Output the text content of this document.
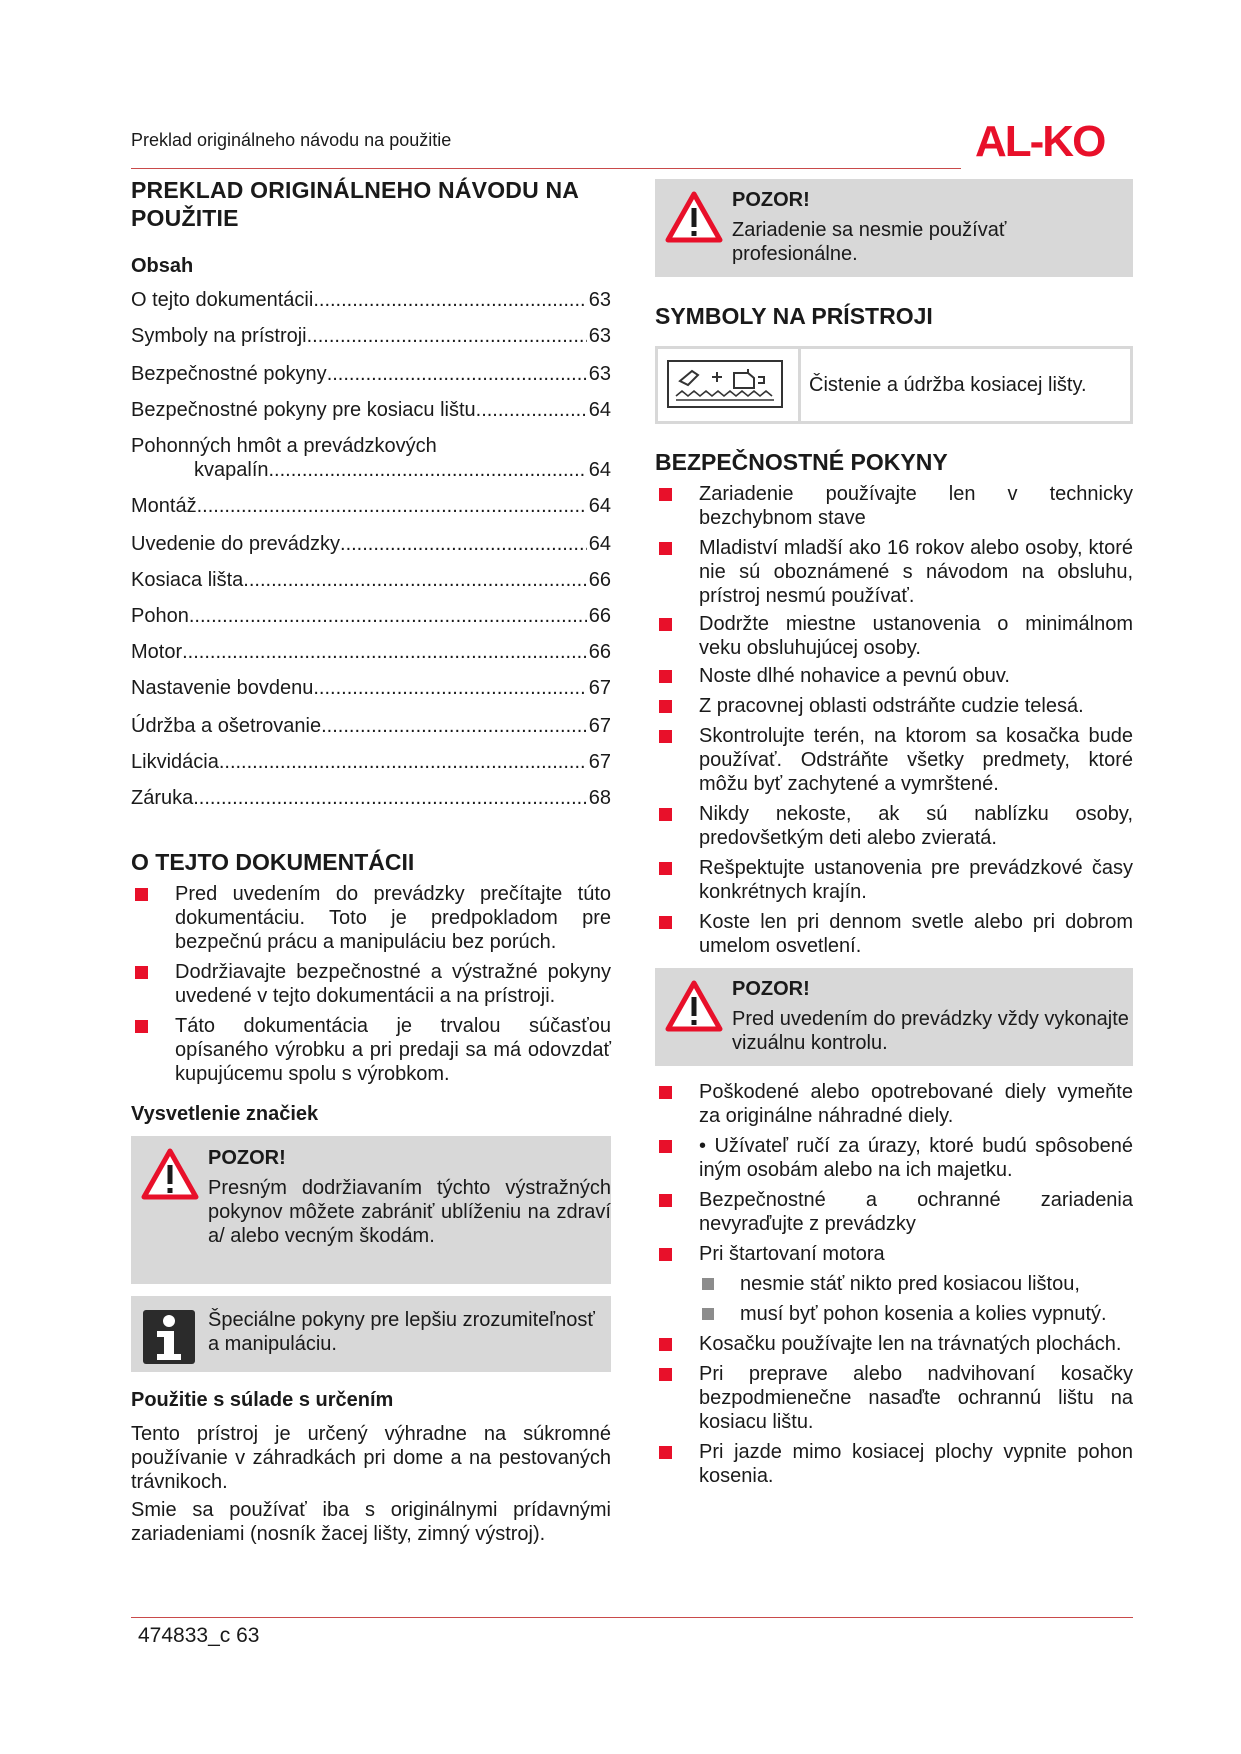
Preklad originálneho návodu na použitie	AL-KO
PREKLAD ORIGINÁLNEHO NÁVODU NA POUŽITIE
Obsah
O tejto dokumentácii .....	63
Symboly na prístroji .....	63
Bezpečnostné pokyny .....	63
Bezpečnostné pokyny pre kosiacu lištu .....	64
Pohonných hmôt a prevádzkových
kvapalín .....	64
Montáž .....	64
Uvedenie do prevádzky .....	64
Kosiaca lišta .....	66
Pohon .....	66
Motor .....	66
Nastavenie bovdenu .....	67
Údržba a ošetrovanie .....	67
Likvidácia .....	67
Záruka .....	68
O TEJTO DOKUMENTÁCII
Pred uvedením do prevádzky prečítajte túto dokumentáciu. Toto je predpokladom pre bezpečnú prácu a manipuláciu bez porúch.
Dodržiavajte bezpečnostné a výstražné pokyny uvedené v tejto dokumentácii a na prístroji.
Táto dokumentácia je trvalou súčasťou opísaného výrobku a pri predaji sa má odovzdať kupujúcemu spolu s výrobkom.
Vysvetlenie značiek
POZOR!
Presným dodržiavaním týchto výstražných pokynov môžete zabrániť ublíženiu na zdraví a/ alebo vecným škodám.
Špeciálne pokyny pre lepšiu zrozumiteľnosť a manipuláciu.
Použitie s súlade s určením

Tento prístroj je určený výhradne na súkromné používanie v záhradkách pri dome a na pestovaných trávnikoch.

Smie sa používať iba s originálnymi prídavnými zariadeniami (nosník žacej lišty, zimný výstroj).

POZOR!
Zariadenie sa nesmie používať profesionálne.
SYMBOLY NA PRÍSTROJI
Čistenie a údržba kosiacej lišty.
BEZPEČNOSTNÉ POKYNY
Zariadenie používajte len v technicky bezchybnom stave
Mladiství mladší ako 16 rokov alebo osoby, ktoré nie sú oboznámené s návodom na obsluhu, prístroj nesmú používať.
Dodržte miestne ustanovenia o minimálnom veku obsluhujúcej osoby.
Noste dlhé nohavice a pevnú obuv.
Z pracovnej oblasti odstráňte cudzie telesá.
Skontrolujte terén, na ktorom sa kosačka bude používať. Odstráňte všetky predmety, ktoré môžu byť zachytené a vymrštené.
Nikdy nekoste, ak sú nablízku osoby, predovšetkým deti alebo zvieratá.
Rešpektujte ustanovenia pre prevádzkové časy konkrétnych krajín.
Koste len pri dennom svetle alebo pri dobrom umelom osvetlení.
POZOR!
Pred uvedením do prevádzky vždy vykonajte vizuálnu kontrolu.
Poškodené alebo opotrebované diely vymeňte za originálne náhradné diely.
• Užívateľ ručí za úrazy, ktoré budú spôsobené iným osobám alebo na ich majetku.
Bezpečnostné a ochranné zariadenia nevyraďujte z prevádzky
Pri štartovaní motora
nesmie stáť nikto pred kosiacou lištou,
musí byť pohon kosenia a kolies vypnutý.
Kosačku používajte len na trávnatých plochách.
Pri preprave alebo nadvihovaní kosačky bezpodmienečne nasaďte ochrannú lištu na kosiacu lištu.
Pri jazde mimo kosiacej plochy vypnite pohon kosenia.
474833_c 63
